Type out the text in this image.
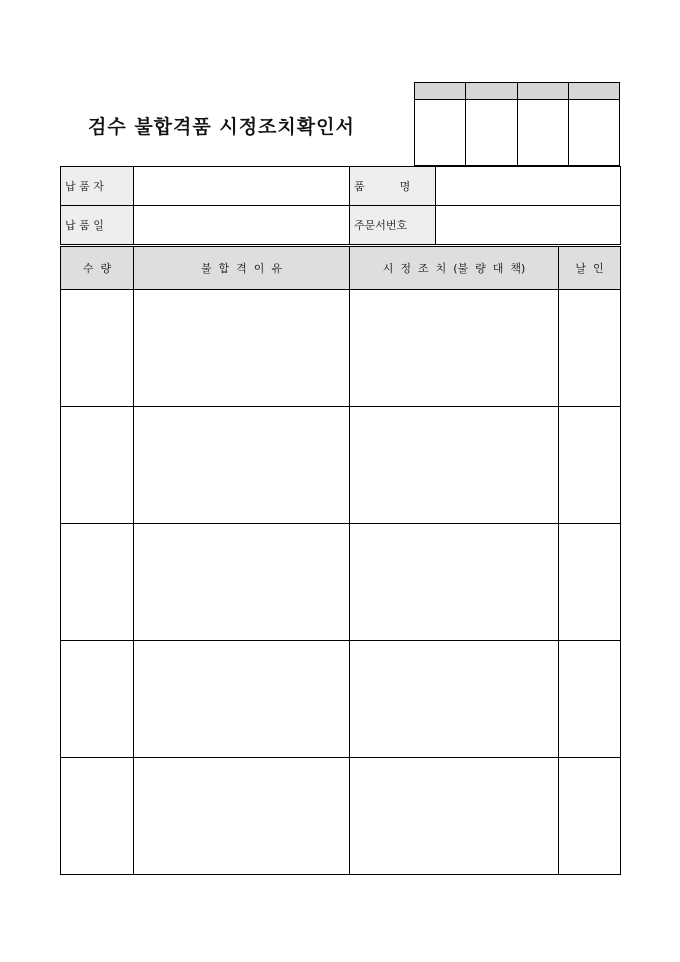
검수 불합격품 시정조치확인서

납 품 자		품          명	
납 품 일		주문서번호	
수  량	불  합  격  이  유	시  정  조  치  (불  량  대  책)	날  인
